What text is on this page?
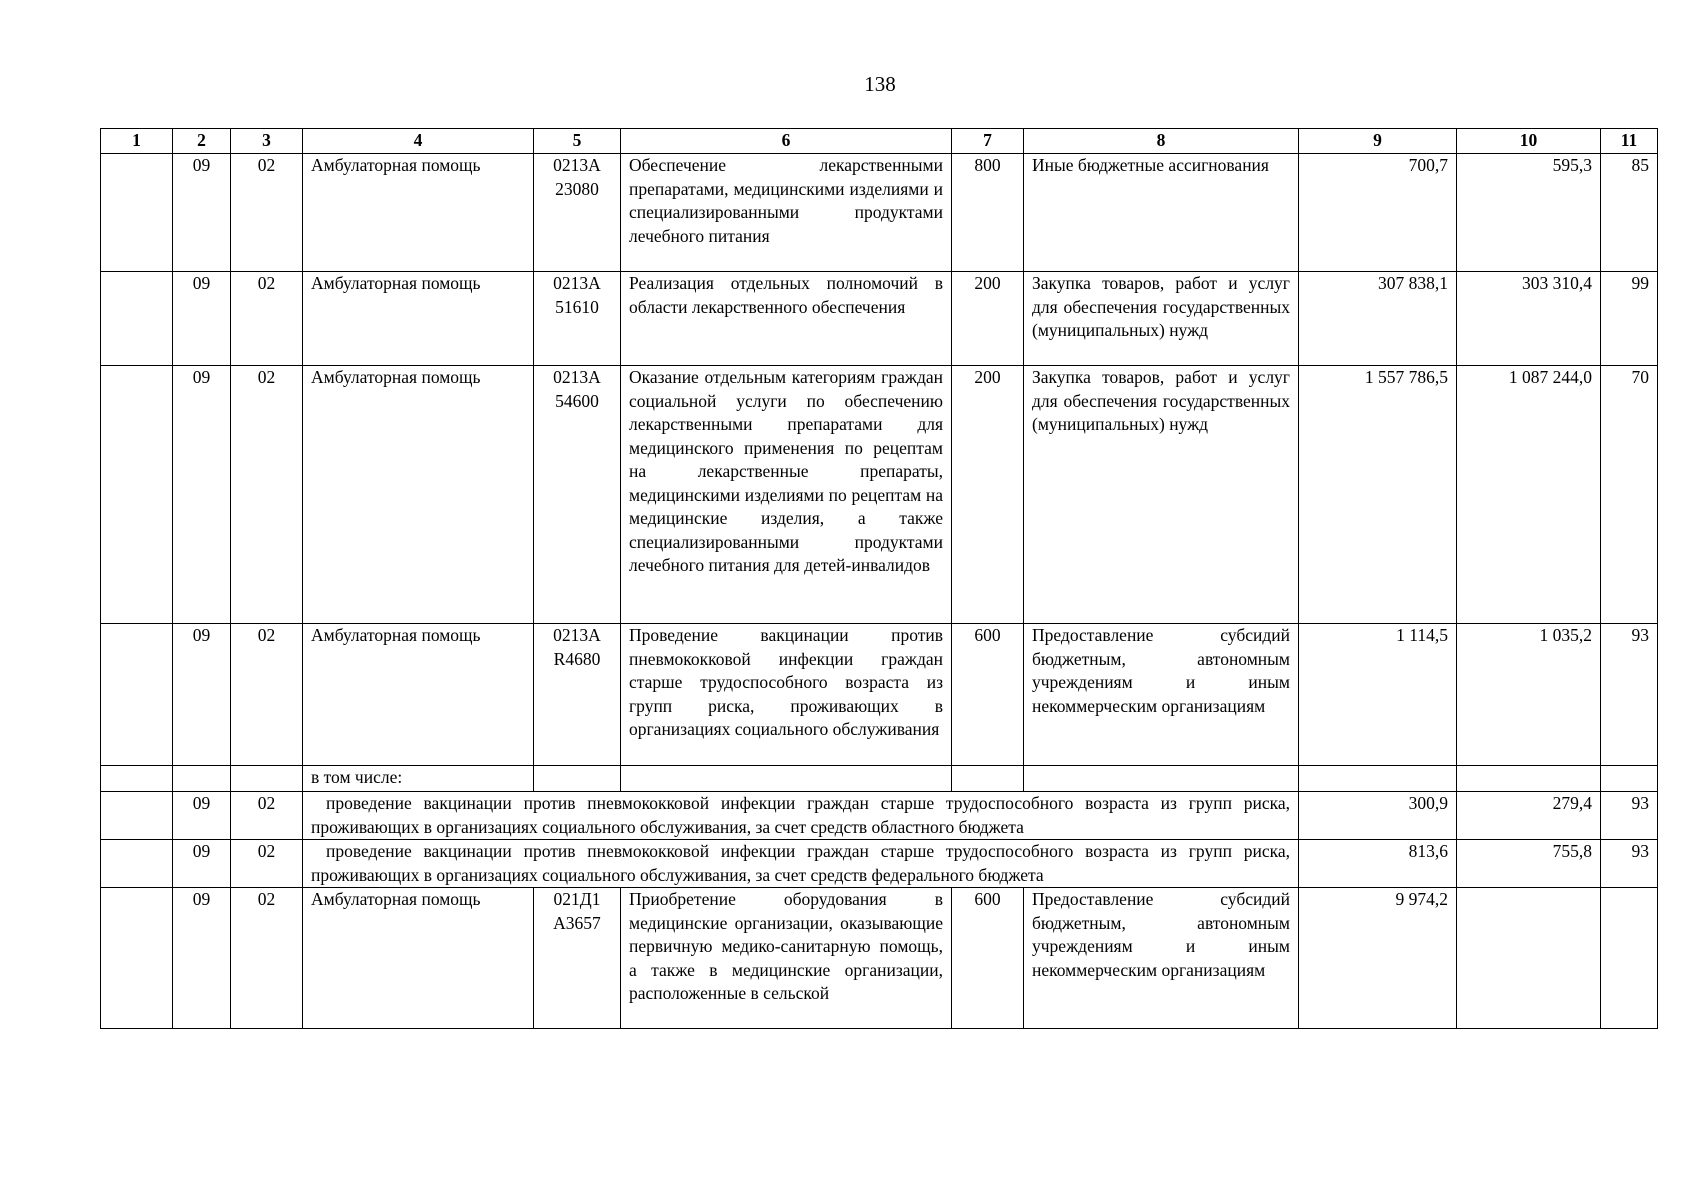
138
1	2	3	4	5	6	7	8	9	10	11
	09	02	Амбулаторная помощь	0213А 23080	Обеспечение лекарственными препаратами, медицинскими изделиями и специализированными продуктами лечебного питания	800	Иные бюджетные ассигнования	700,7	595,3	85
	09	02	Амбулаторная помощь	0213А 51610	Реализация отдельных полномочий в области лекарственного обеспечения	200	Закупка товаров, работ и услуг для обеспечения государственных (муниципальных) нужд	307 838,1	303 310,4	99
	09	02	Амбулаторная помощь	0213А 54600	Оказание отдельным категориям граждан социальной услуги по обеспечению лекарственными препаратами для медицинского применения по рецептам на лекарственные препараты, медицинскими изделиями по рецептам на медицинские изделия, а также специализированными продуктами лечебного питания для детей-инвалидов	200	Закупка товаров, работ и услуг для обеспечения государственных (муниципальных) нужд	1 557 786,5	1 087 244,0	70
	09	02	Амбулаторная помощь	0213А R4680	Проведение вакцинации против пневмококковой инфекции граждан старше трудоспособного возраста из групп риска, проживающих в организациях социального обслуживания	600	Предоставление субсидий бюджетным, автономным учреждениям и иным некоммерческим организациям	1 114,5	1 035,2	93
			в том числе:							
	09	02	проведение вакцинации против пневмококковой инфекции граждан старше трудоспособного возраста из групп риска, проживающих в организациях социального обслуживания, за счет средств областного бюджета					300,9	279,4	93
	09	02	проведение вакцинации против пневмококковой инфекции граждан старше трудоспособного возраста из групп риска, проживающих в организациях социального обслуживания, за счет средств федерального бюджета					813,6	755,8	93
	09	02	Амбулаторная помощь	021Д1 А3657	Приобретение оборудования в медицинские организации, оказывающие первичную медико-санитарную помощь, а также в медицинские организации, расположенные в сельской	600	Предоставление субсидий бюджетным, автономным учреждениям и иным некоммерческим организациям	9 974,2		
